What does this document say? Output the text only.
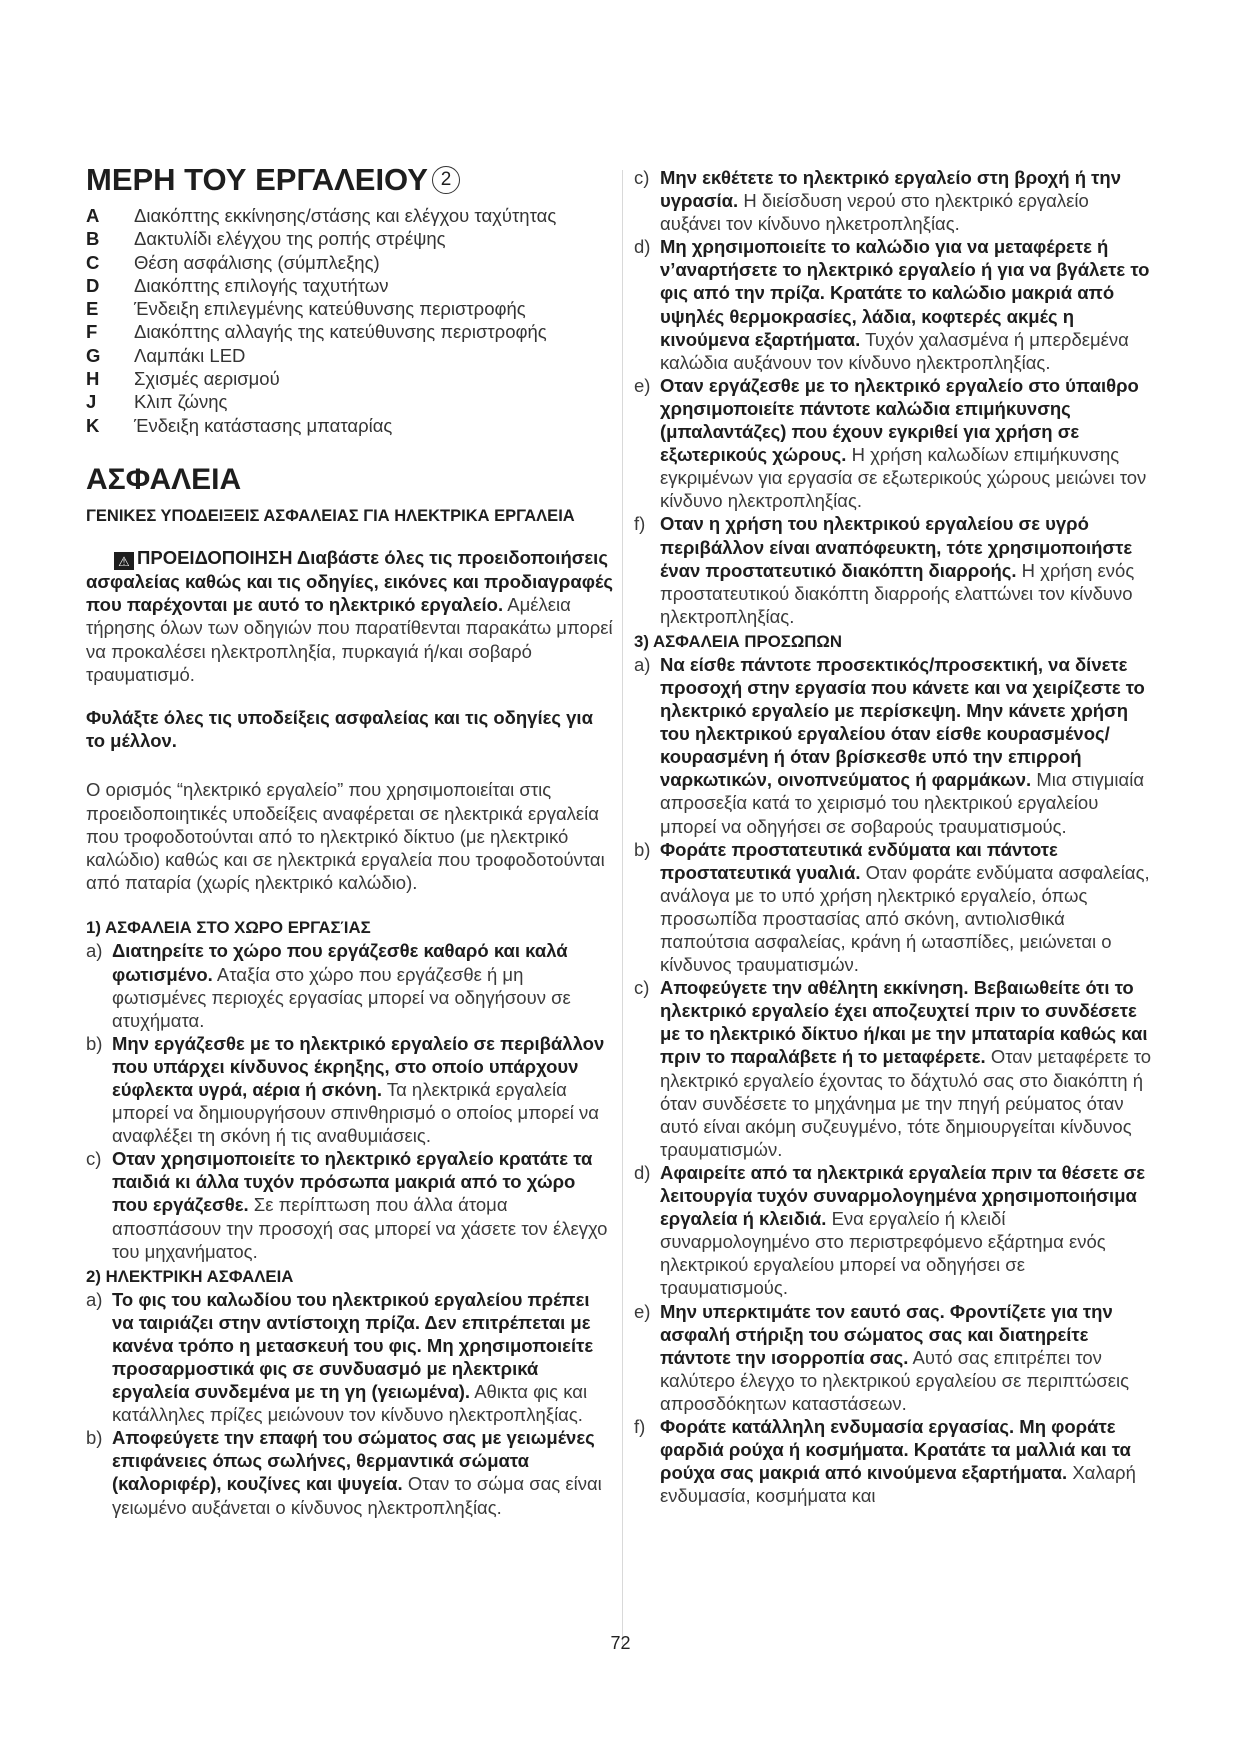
ΜΕΡΗ ΤΟΥ ΕΡΓΑΛΕΙΟΥ 2
A	Διακόπτης εκκίνησης/στάσης και ελέγχου ταχύτητας
B	Δακτυλίδι ελέγχου της ροπής στρέψης
C	Θέση ασφάλισης (σύμπλεξης)
D	Διακόπτης επιλογής ταχυτήτων
E	Ένδειξη επιλεγμένης κατεύθυνσης περιστροφής
F	Διακόπτης αλλαγής της κατεύθυνσης περιστροφής
G	Λαμπάκι LED
H	Σχισμές αερισμού
J	Κλιπ ζώνης
K	Ένδειξη κατάστασης μπαταρίας
ΑΣΦΑΛΕΙΑ
ΓΕΝΙΚΕΣ ΥΠΟΔΕΙΞΕΙΣ ΑΣΦΑΛΕΙΑΣ ΓΙΑ ΗΛΕΚΤΡΙΚΑ ΕΡΓΑΛΕΙΑ
⚠ ΠΡΟΕΙΔΟΠΟΙΗΣΗ Διαβάστε όλες τις προειδοποιήσεις ασφαλείας καθώς και τις οδηγίες, εικόνες και προδιαγραφές που παρέχονται με αυτό το ηλεκτρικό εργαλείο. Αμέλεια τήρησης όλων των οδηγιών που παρατίθενται παρακάτω μπορεί να προκαλέσει ηλεκτροπληξία, πυρκαγιά ή/και σοβαρό τραυματισμό.
Φυλάξτε όλες τις υποδείξεις ασφαλείας και τις οδηγίες για το μέλλον.
Ο ορισμός “ηλεκτρικό εργαλείο” που χρησιμοποιείται στις προειδοποιητικές υποδείξεις αναφέρεται σε ηλεκτρικά εργαλεία που τροφοδοτούνται από το ηλεκτρικό δίκτυο (με ηλεκτρικό καλώδιο) καθώς και σε ηλεκτρικά εργαλεία που τροφοδοτούνται από παταρία (χωρίς ηλεκτρικό καλώδιο).
1) ΑΣΦΑΛΕΙΑ ΣΤΟ ΧΩΡΟ ΕΡΓΑΣΊΑΣ
a) Διατηρείτε το χώρο που εργάζεσθε καθαρό και καλά φωτισμένο. Αταξία στο χώρο που εργάζεσθε ή μη φωτισμένες περιοχές εργασίας μπορεί να οδηγήσουν σε ατυχήματα.
b) Μην εργάζεσθε με το ηλεκτρικό εργαλείο σε περιβάλλον που υπάρχει κίνδυνος έκρηξης, στο οποίο υπάρχουν εύφλεκτα υγρά, αέρια ή σκόνη. Τα ηλεκτρικά εργαλεία μπορεί να δημιουργήσουν σπινθηρισμό ο οποίος μπορεί να αναφλέξει τη σκόνη ή τις αναθυμιάσεις.
c) Οταν χρησιμοποιείτε το ηλεκτρικό εργαλείο κρατάτε τα παιδιά κι άλλα τυχόν πρόσωπα μακριά από το χώρο που εργάζεσθε. Σε περίπτωση που άλλα άτομα αποσπάσουν την προσοχή σας μπορεί να χάσετε τον έλεγχο του μηχανήματος.
2) ΗΛΕΚΤΡΙΚΗ ΑΣΦΑΛΕΙΑ
a) Το φις του καλωδίου του ηλεκτρικού εργαλείου πρέπει να ταιριάζει στην αντίστοιχη πρίζα. Δεν επιτρέπεται με κανένα τρόπο η μετασκευή του φις. Μη χρησιμοποιείτε προσαρμοστικά φις σε συνδυασμό με ηλεκτρικά εργαλεία συνδεμένα με τη γη (γειωμένα). Αθικτα φις και κατάλληλες πρίζες μειώνουν τον κίνδυνο ηλεκτροπληξίας.
b) Αποφεύγετε την επαφή του σώματος σας με γειωμένες επιφάνειες όπως σωλήνες, θερμαντικά σώματα (καλοριφέρ), κουζίνες και ψυγεία. Οταν το σώμα σας είναι γειωμένο αυξάνεται ο κίνδυνος ηλεκτροπληξίας.
c) Μην εκθέτετε το ηλεκτρικό εργαλείο στη βροχή ή την υγρασία. Η διείσδυση νερού στο ηλεκτρικό εργαλείο αυξάνει τον κίνδυνο ηλκετροπληξίας.
d) Μη χρησιμοποιείτε το καλώδιο για να μεταφέρετε ή ν’αναρτήσετε το ηλεκτρικό εργαλείο ή για να βγάλετε το φις από την πρίζα. Κρατάτε το καλώδιο μακριά από υψηλές θερμοκρασίες, λάδια, κοφτερές ακμές η κινούμενα εξαρτήματα. Τυχόν χαλασμένα ή μπερδεμένα καλώδια αυξάνουν τον κίνδυνο ηλεκτροπληξίας.
e) Οταν εργάζεσθε με το ηλεκτρικό εργαλείο στο ύπαιθρο χρησιμοποιείτε πάντοτε καλώδια επιμήκυνσης (μπαλαντάζες) που έχουν εγκριθεί για χρήση σε εξωτερικούς χώρους. Η χρήση καλωδίων επιμήκυνσης εγκριμένων για εργασία σε εξωτερικούς χώρους μειώνει τον κίνδυνο ηλεκτροπληξίας.
f) Οταν η χρήση του ηλεκτρικού εργαλείου σε υγρό περιβάλλον είναι αναπόφευκτη, τότε χρησιμοποιήστε έναν προστατευτικό διακόπτη διαρροής. Η χρήση ενός προστατευτικού διακόπτη διαρροής ελαττώνει τον κίνδυνο ηλεκτροπληξίας.
3) ΑΣΦΑΛΕΙΑ ΠΡΟΣΩΠΩΝ
a) Να είσθε πάντοτε προσεκτικός/προσεκτική, να δίνετε προσοχή στην εργασία που κάνετε και να χειρίζεστε το ηλεκτρικό εργαλείο με περίσκεψη. Μην κάνετε χρήση του ηλεκτρικού εργαλείου όταν είσθε κουρασμένος/κουρασμένη ή όταν βρίσκεσθε υπό την επιρροή ναρκωτικών, οινοπνεύματος ή φαρμάκων. Μια στιγμιαία απροσεξία κατά το χειρισμό του ηλεκτρικού εργαλείου μπορεί να οδηγήσει σε σοβαρούς τραυματισμούς.
b) Φοράτε προστατευτικά ενδύματα και πάντοτε προστατευτικά γυαλιά. Οταν φοράτε ενδύματα ασφαλείας, ανάλογα με το υπό χρήση ηλεκτρικό εργαλείο, όπως προσωπίδα προστασίας από σκόνη, αντιολισθικά παπούτσια ασφαλείας, κράνη ή ωτασπίδες, μειώνεται ο κίνδυνος τραυματισμών.
c) Αποφεύγετε την αθέλητη εκκίνηση. Βεβαιωθείτε ότι το ηλεκτρικό εργαλείο έχει αποζευχτεί πριν το συνδέσετε με το ηλεκτρικό δίκτυο ή/και με την μπαταρία καθώς και πριν το παραλάβετε ή το μεταφέρετε. Οταν μεταφέρετε το ηλεκτρικό εργαλείο έχοντας το δάχτυλό σας στο διακόπτη ή όταν συνδέσετε το μηχάνημα με την πηγή ρεύματος όταν αυτό είναι ακόμη συζευγμένο, τότε δημιουργείται κίνδυνος τραυματισμών.
d) Αφαιρείτε από τα ηλεκτρικά εργαλεία πριν τα θέσετε σε λειτουργία τυχόν συναρμολογημένα χρησιμοποιήσιμα εργαλεία ή κλειδιά. Ενα εργαλείο ή κλειδί συναρμολογημένο στο περιστρεφόμενο εξάρτημα ενός ηλεκτρικού εργαλείου μπορεί να οδηγήσει σε τραυματισμούς.
e) Μην υπερκτιμάτε τον εαυτό σας. Φροντίζετε για την ασφαλή στήριξη του σώματος σας και διατηρείτε πάντοτε την ισορροπία σας. Αυτό σας επιτρέπει τον καλύτερο έλεγχο το ηλεκτρικού εργαλείου σε περιπτώσεις απροσδόκητων καταστάσεων.
f) Φοράτε κατάλληλη ενδυμασία εργασίας. Μη φοράτε φαρδιά ρούχα ή κοσμήματα. Κρατάτε τα μαλλιά και τα ρούχα σας μακριά από κινούμενα εξαρτήματα. Χαλαρή ενδυμασία, κοσμήματα και
72
